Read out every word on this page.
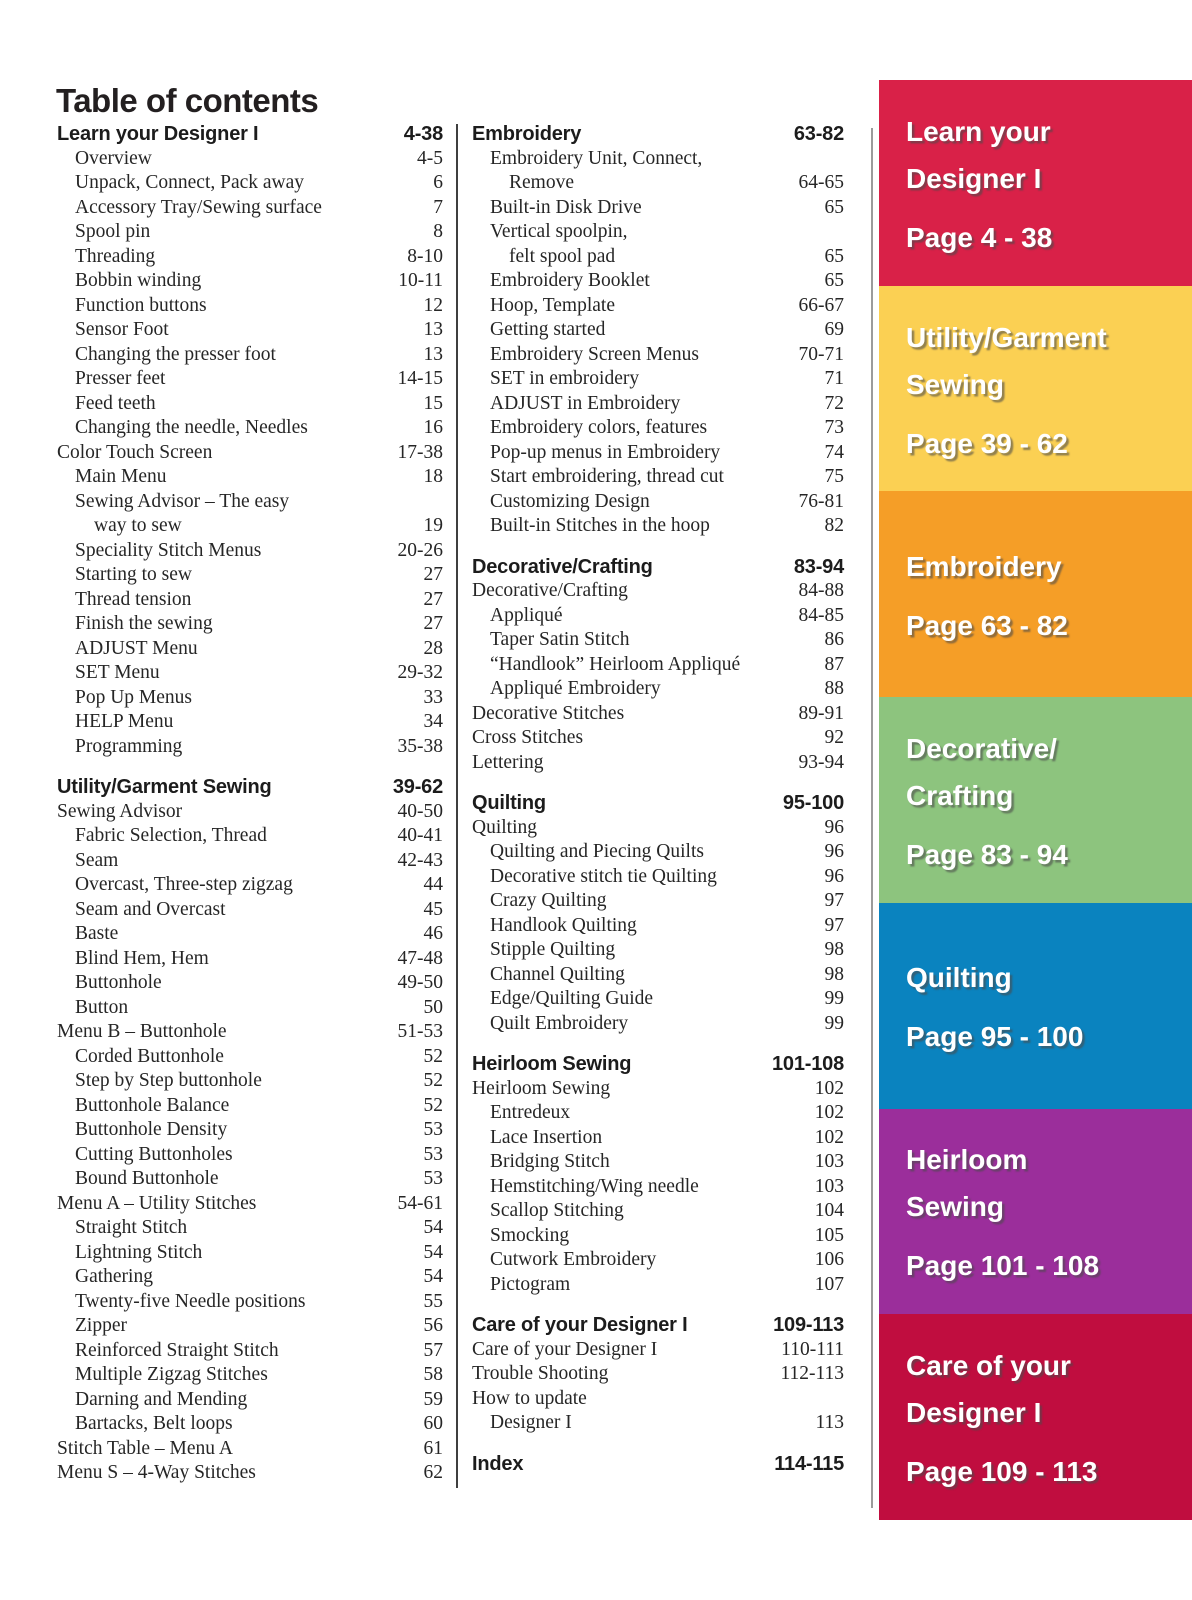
Table of contents
Learn your Designer I	4-38
Overview	4-5
Unpack, Connect, Pack away	6
Accessory Tray/Sewing surface	7
Spool pin	8
Threading	8-10
Bobbin winding	10-11
Function buttons	12
Sensor Foot	13
Changing the presser foot	13
Presser feet	14-15
Feed teeth	15
Changing the needle, Needles	16
Color Touch Screen	17-38
Main Menu	18
Sewing Advisor – The easy
way to sew	19
Speciality Stitch Menus	20-26
Starting to sew	27
Thread tension	27
Finish the sewing	27
ADJUST Menu	28
SET Menu	29-32
Pop Up Menus	33
HELP Menu	34
Programming	35-38
Utility/Garment Sewing	39-62
Sewing Advisor	40-50
Fabric Selection, Thread	40-41
Seam	42-43
Overcast, Three-step zigzag	44
Seam and Overcast	45
Baste	46
Blind Hem, Hem	47-48
Buttonhole	49-50
Button	50
Menu B – Buttonhole	51-53
Corded Buttonhole	52
Step by Step buttonhole	52
Buttonhole Balance	52
Buttonhole Density	53
Cutting Buttonholes	53
Bound Buttonhole	53
Menu A – Utility Stitches	54-61
Straight Stitch	54
Lightning Stitch	54
Gathering	54
Twenty-five Needle positions	55
Zipper	56
Reinforced Straight Stitch	57
Multiple Zigzag Stitches	58
Darning and Mending	59
Bartacks, Belt loops	60
Stitch Table – Menu A	61
Menu S – 4-Way Stitches	62
Embroidery	63-82
Embroidery Unit, Connect,
Remove	64-65
Built-in Disk Drive	65
Vertical spoolpin,
felt spool pad	65
Embroidery Booklet	65
Hoop, Template	66-67
Getting started	69
Embroidery Screen Menus	70-71
SET in embroidery	71
ADJUST in Embroidery	72
Embroidery colors, features	73
Pop-up menus in Embroidery	74
Start embroidering, thread cut	75
Customizing Design	76-81
Built-in Stitches in the hoop	82
Decorative/Crafting	83-94
Decorative/Crafting	84-88
Appliqué	84-85
Taper Satin Stitch	86
“Handlook” Heirloom Appliqué	87
Appliqué Embroidery	88
Decorative Stitches	89-91
Cross Stitches	92
Lettering	93-94
Quilting	95-100
Quilting	96
Quilting and Piecing Quilts	96
Decorative stitch tie Quilting	96
Crazy Quilting	97
Handlook Quilting	97
Stipple Quilting	98
Channel Quilting	98
Edge/Quilting Guide	99
Quilt Embroidery	99
Heirloom Sewing	101-108
Heirloom Sewing	102
Entredeux	102
Lace Insertion	102
Bridging Stitch	103
Hemstitching/Wing needle	103
Scallop Stitching	104
Smocking	105
Cutwork Embroidery	106
Pictogram	107
Care of your Designer I	109-113
Care of your Designer I	110-111
Trouble Shooting	112-113
How to update
Designer I	113
Index	114-115
Learn your
Designer I
Page 4 - 38
Utility/Garment
Sewing
Page 39 - 62
Embroidery
Page 63 - 82
Decorative/
Crafting
Page 83 - 94
Quilting
Page 95 - 100
Heirloom
Sewing
Page 101 - 108
Care of your
Designer I
Page 109 - 113
